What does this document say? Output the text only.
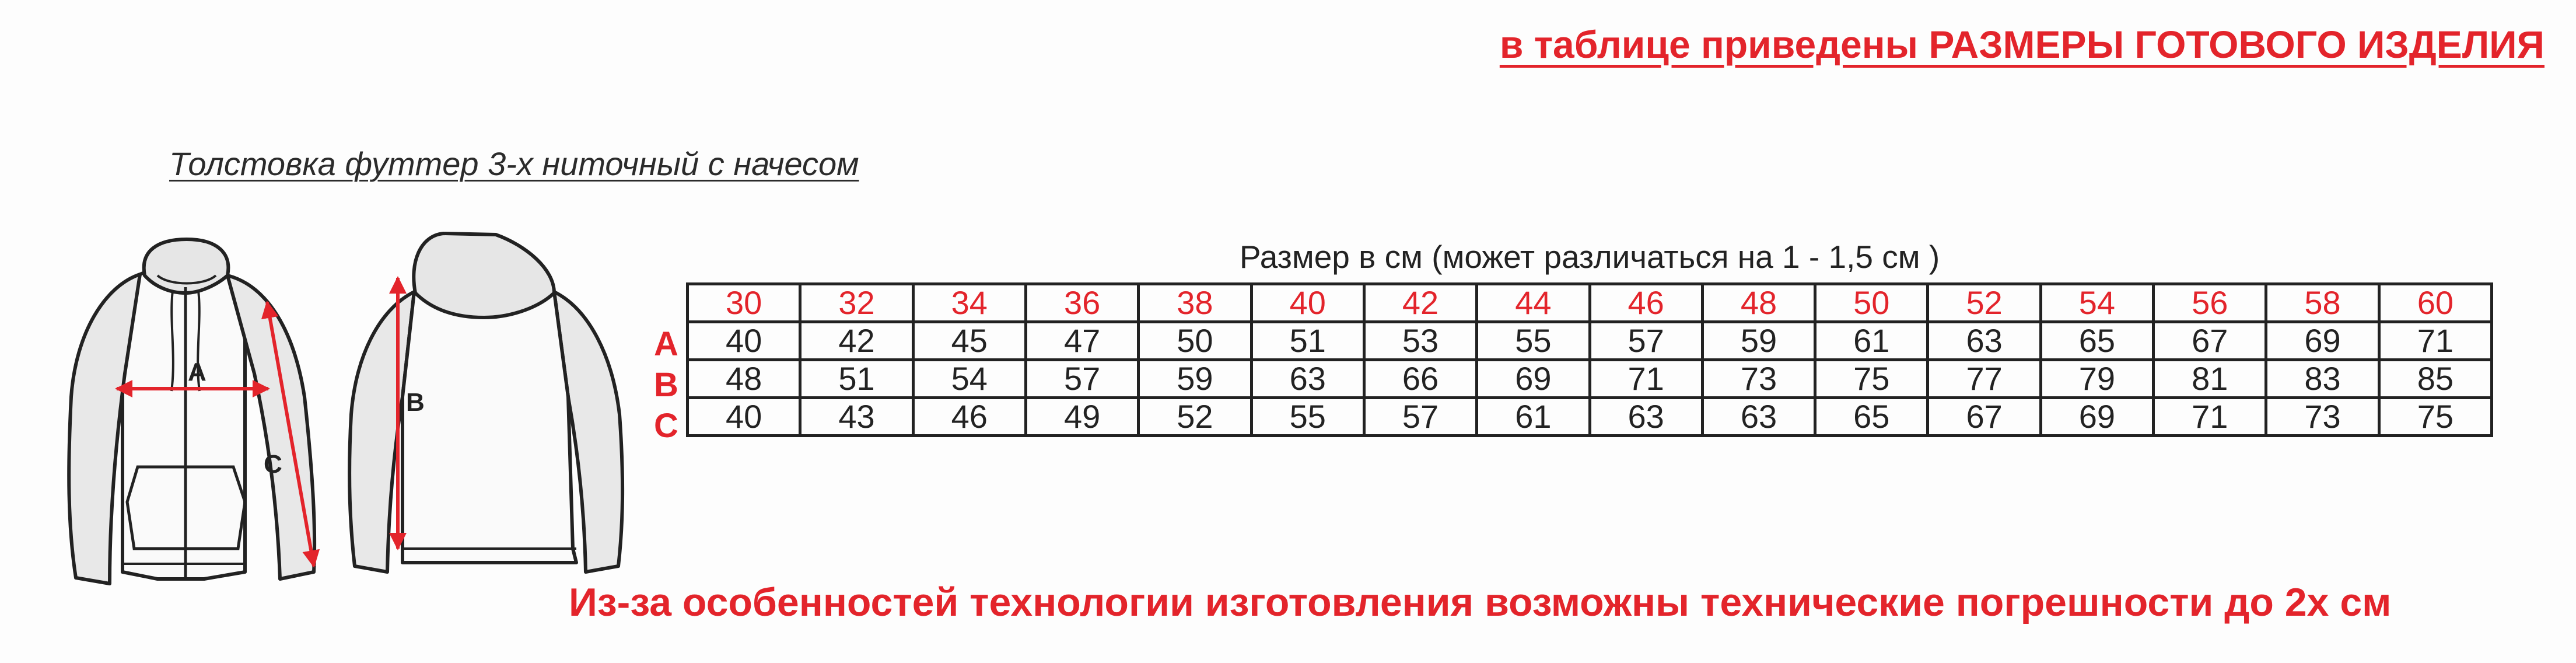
в таблице приведены РАЗМЕРЫ ГОТОВОГО ИЗДЕЛИЯ
Толстовка футтер 3-х ниточный с начесом
A
C
B
Размер в см (может различаться на 1 - 1,5 см )
А
В
С
30	32	34	36	38	40	42	44	46	48	50	52	54	56	58	60
40	42	45	47	50	51	53	55	57	59	61	63	65	67	69	71
48	51	54	57	59	63	66	69	71	73	75	77	79	81	83	85
40	43	46	49	52	55	57	61	63	63	65	67	69	71	73	75
Из-за особенностей технологии изготовления возможны технические погрешности до 2х см
